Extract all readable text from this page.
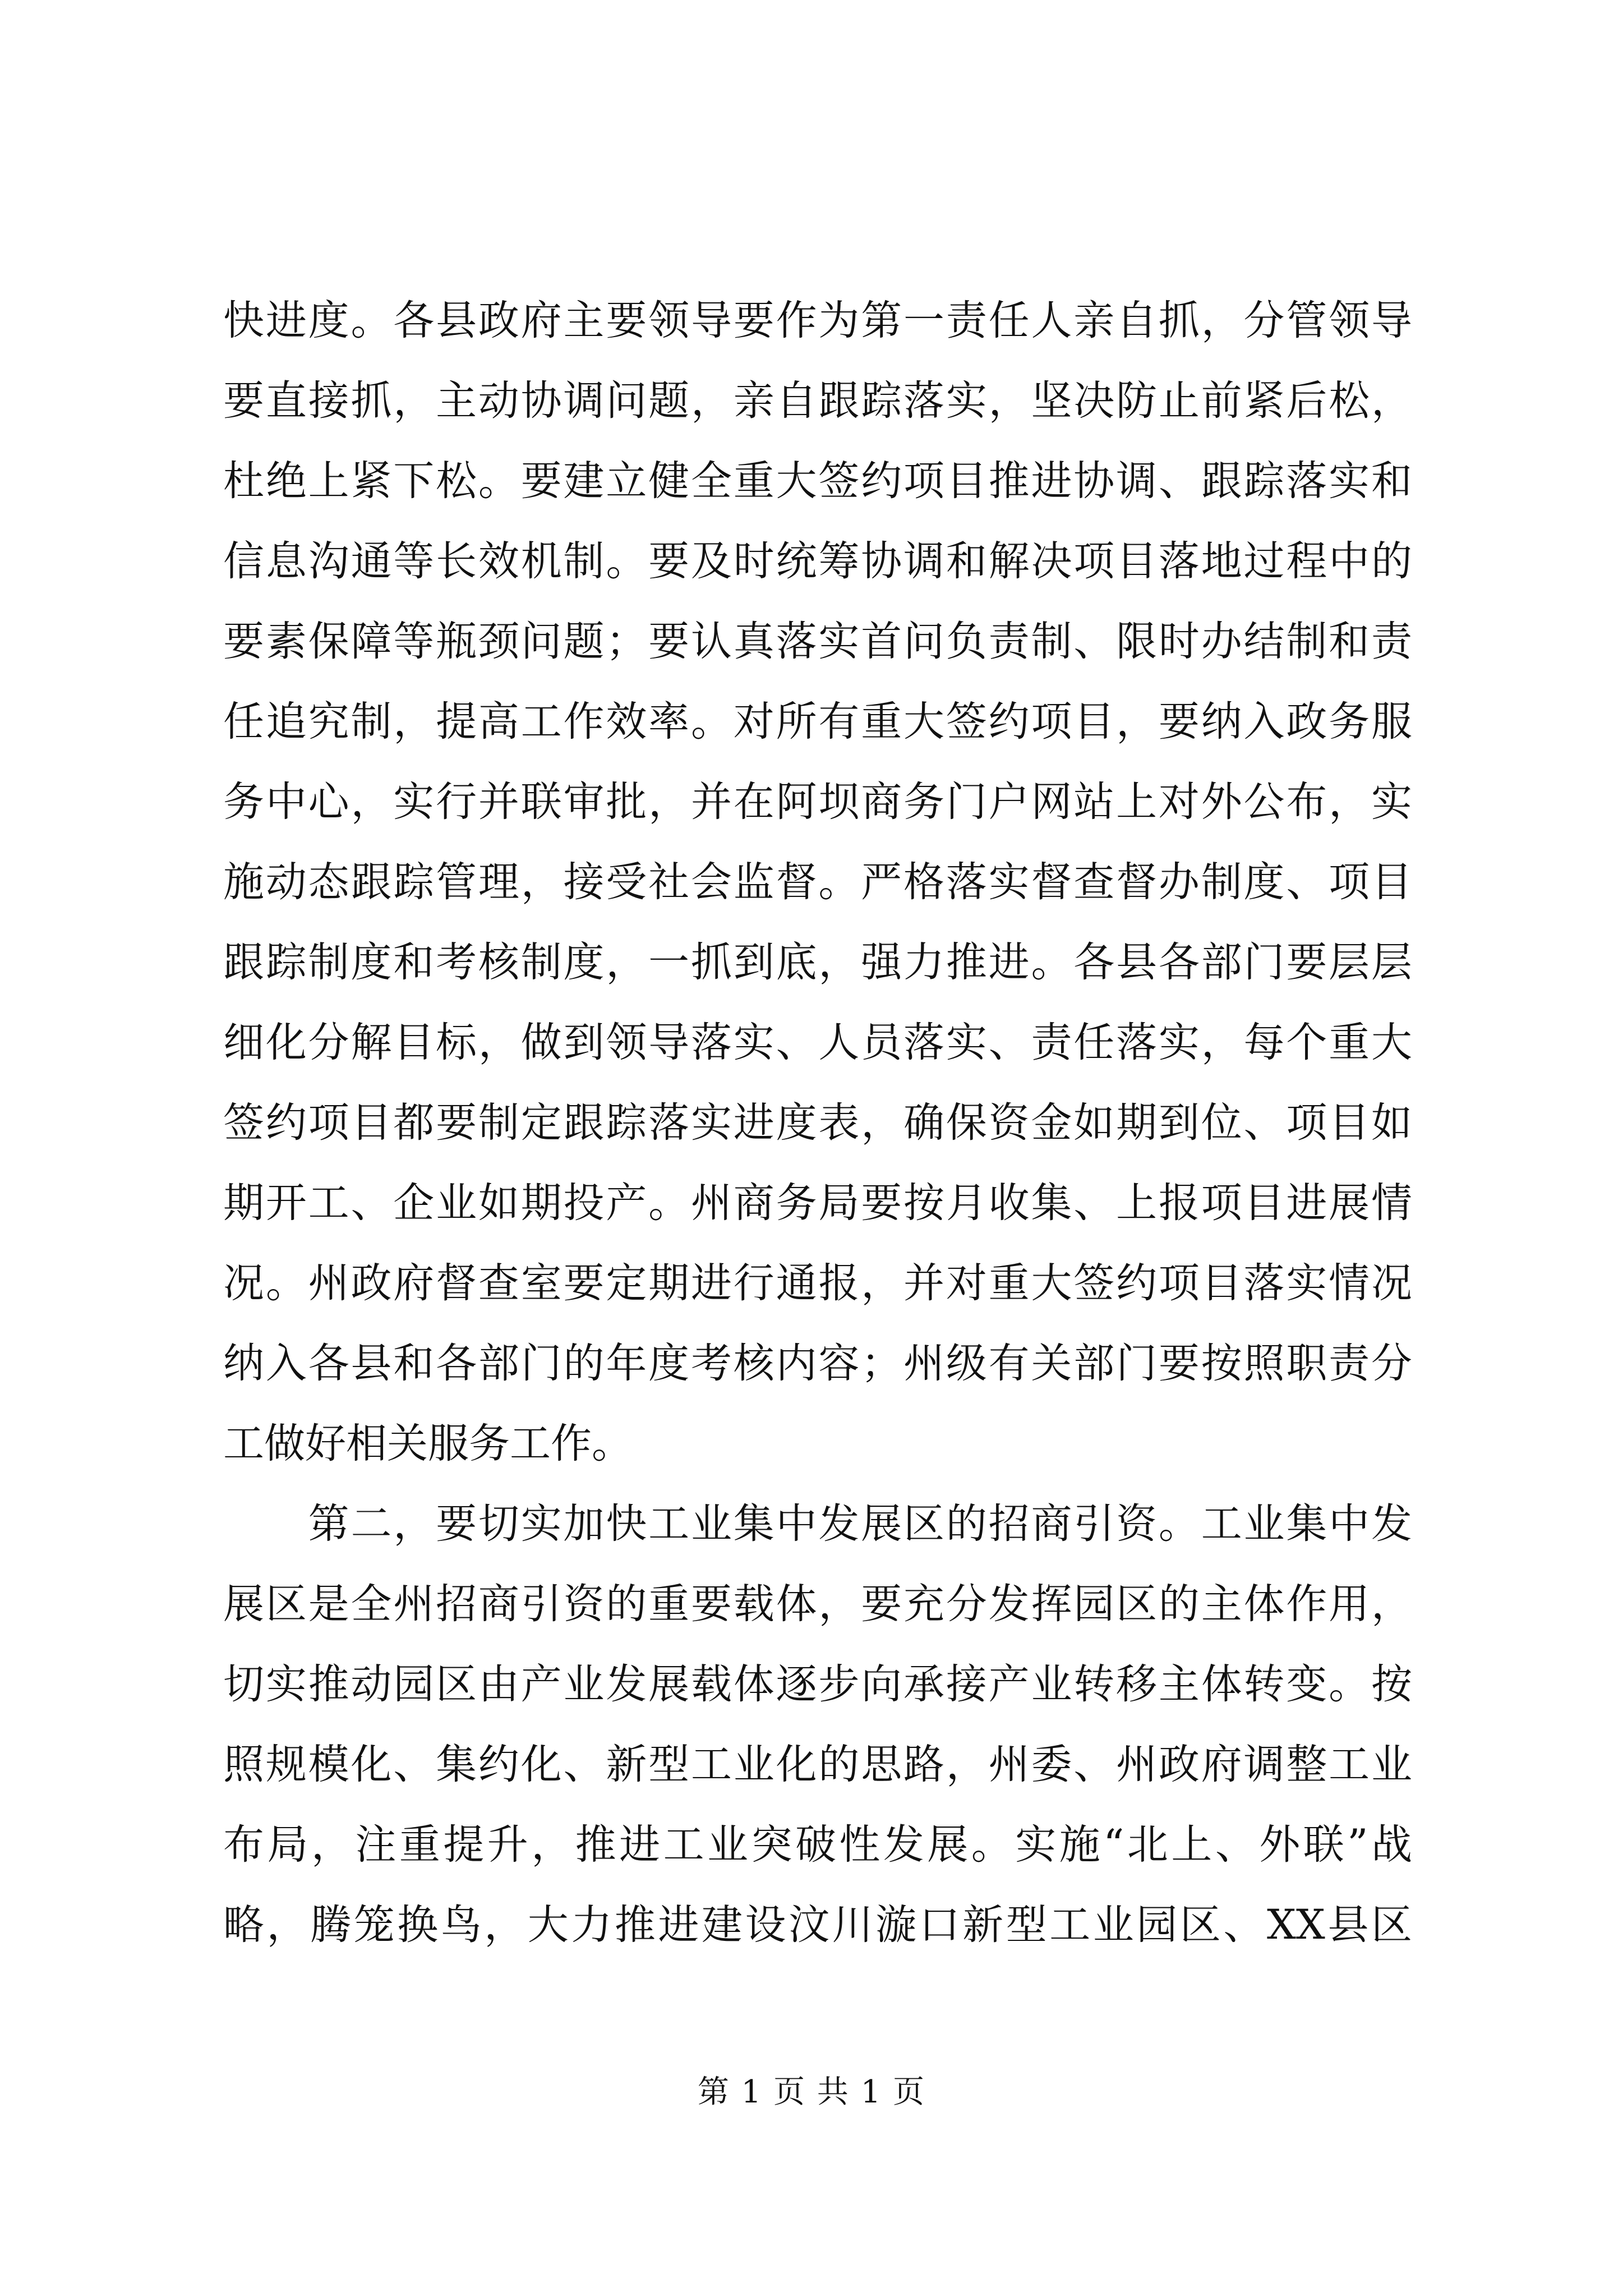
快进度。各县政府主要领导要作为第一责任人亲自抓，分管领导
要直接抓，主动协调问题，亲自跟踪落实，坚决防止前紧后松，
杜绝上紧下松。要建立健全重大签约项目推进协调、跟踪落实和
信息沟通等长效机制。要及时统筹协调和解决项目落地过程中的
要素保障等瓶颈问题；要认真落实首问负责制、限时办结制和责
任追究制，提高工作效率。对所有重大签约项目，要纳入政务服
务中心，实行并联审批，并在阿坝商务门户网站上对外公布，实
施动态跟踪管理，接受社会监督。严格落实督查督办制度、项目
跟踪制度和考核制度，一抓到底，强力推进。各县各部门要层层
细化分解目标，做到领导落实、人员落实、责任落实，每个重大
签约项目都要制定跟踪落实进度表，确保资金如期到位、项目如
期开工、企业如期投产。州商务局要按月收集、上报项目进展情
况。州政府督查室要定期进行通报，并对重大签约项目落实情况
纳入各县和各部门的年度考核内容；州级有关部门要按照职责分
工做好相关服务工作。
　　第二，要切实加快工业集中发展区的招商引资。工业集中发
展区是全州招商引资的重要载体，要充分发挥园区的主体作用，
切实推动园区由产业发展载体逐步向承接产业转移主体转变。按
照规模化、集约化、新型工业化的思路，州委、州政府调整工业
布局，注重提升，推进工业突破性发展。实施“北上、外联”战
略，腾笼换鸟，大力推进建设汶川漩口新型工业园区、XX县区
第 1 页 共 1 页
